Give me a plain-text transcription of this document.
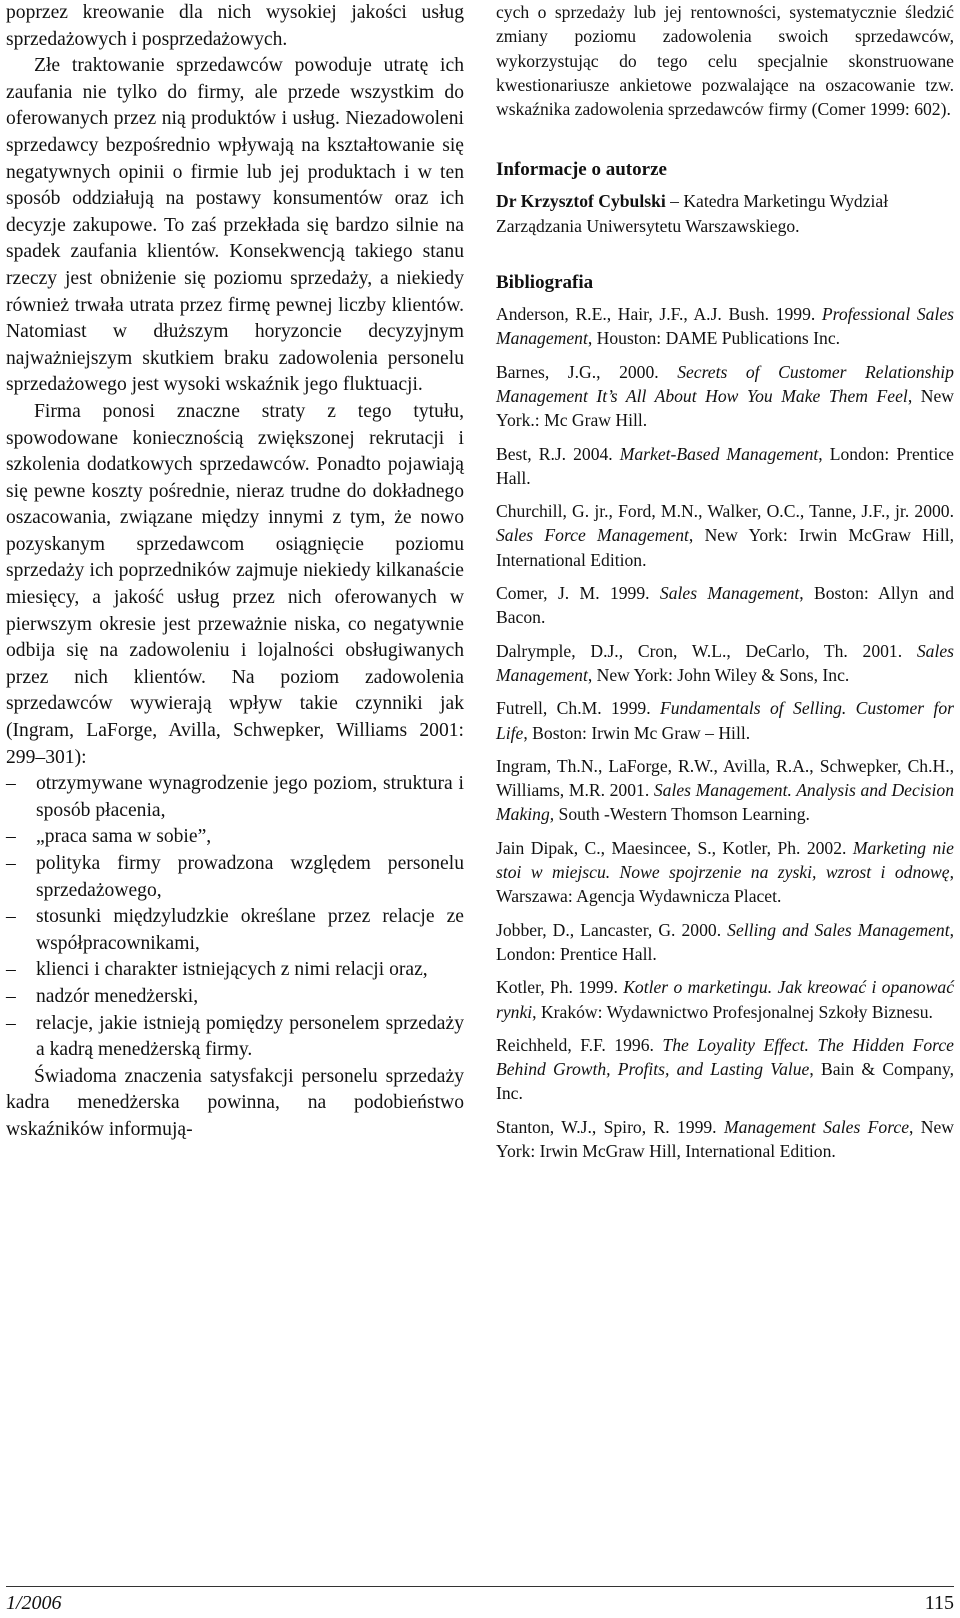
poprzez kreowanie dla nich wysokiej jakości usług sprzedażowych i posprzedażowych.

Złe traktowanie sprzedawców powoduje utratę ich zaufania nie tylko do firmy, ale przede wszystkim do oferowanych przez nią produktów i usług. Niezadowoleni sprzedawcy bezpośrednio wpływają na kształtowanie się negatywnych opinii o firmie lub jej produktach i w ten sposób oddziałują na postawy konsumentów oraz ich decyzje zakupowe. To zaś przekłada się bardzo silnie na spadek zaufania klientów. Konsekwencją takiego stanu rzeczy jest obniżenie się poziomu sprzedaży, a niekiedy również trwała utrata przez firmę pewnej liczby klientów. Natomiast w dłuższym horyzoncie decyzyjnym najważniejszym skutkiem braku zadowolenia personelu sprzedażowego jest wysoki wskaźnik jego fluktuacji.

Firma ponosi znaczne straty z tego tytułu, spowodowane koniecznością zwiększonej rekrutacji i szkolenia dodatkowych sprzedawców. Ponadto pojawiają się pewne koszty pośrednie, nieraz trudne do dokładnego oszacowania, związane między innymi z tym, że nowo pozyskanym sprzedawcom osiągnięcie poziomu sprzedaży ich poprzedników zajmuje niekiedy kilkanaście miesięcy, a jakość usług przez nich oferowanych w pierwszym okresie jest przeważnie niska, co negatywnie odbija się na zadowoleniu i lojalności obsługiwanych przez nich klientów. Na poziom zadowolenia sprzedawców wywierają wpływ takie czynniki jak (Ingram, LaForge, Avilla, Schwepker, Williams 2001: 299–301):

– otrzymywane wynagrodzenie jego poziom, struktura i sposób płacenia,
– „praca sama w sobie”,
– polityka firmy prowadzona względem personelu sprzedażowego,
– stosunki międzyludzkie określane przez relacje ze współpracownikami,
– klienci i charakter istniejących z nimi relacji oraz,
– nadzór menedżerski,
– relacje, jakie istnieją pomiędzy personelem sprzedaży a kadrą menedżerską firmy.

Świadoma znaczenia satysfakcji personelu sprzedaży kadra menedżerska powinna, na podobieństwo wskaźników informują-

cych o sprzedaży lub jej rentowności, systematycznie śledzić zmiany poziomu zadowolenia swoich sprzedawców, wykorzystując do tego celu specjalnie skonstruowane kwestionariusze ankietowe pozwalające na oszacowanie tzw. wskaźnika zadowolenia sprzedawców firmy (Comer 1999: 602).

Informacje o autorze

Dr Krzysztof Cybulski – Katedra Marketingu Wydział Zarządzania Uniwersytetu Warszawskiego.

Bibliografia
Anderson, R.E., Hair, J.F., A.J. Bush. 1999. Professional Sales Management, Houston: DAME Publications Inc.
Barnes, J.G., 2000. Secrets of Customer Relationship Management It’s All About How You Make Them Feel, New York.: Mc Graw Hill.
Best, R.J. 2004. Market-Based Management, London: Prentice Hall.
Churchill, G. jr., Ford, M.N., Walker, O.C., Tanne, J.F., jr. 2000. Sales Force Management, New York: Irwin McGraw Hill, International Edition.
Comer, J. M. 1999. Sales Management, Boston: Allyn and Bacon.
Dalrymple, D.J., Cron, W.L., DeCarlo, Th. 2001. Sales Management, New York: John Wiley & Sons, Inc.
Futrell, Ch.M. 1999. Fundamentals of Selling. Customer for Life, Boston: Irwin Mc Graw – Hill.
Ingram, Th.N., LaForge, R.W., Avilla, R.A., Schwepker, Ch.H., Williams, M.R. 2001. Sales Management. Analysis and Decision Making, South -Western Thomson Learning.
Jain Dipak, C., Maesincee, S., Kotler, Ph. 2002. Marketing nie stoi w miejscu. Nowe spojrzenie na zyski, wzrost i odnowę, Warszawa: Agencja Wydawnicza Placet.
Jobber, D., Lancaster, G. 2000. Selling and Sales Management, London: Prentice Hall.
Kotler, Ph. 1999. Kotler o marketingu. Jak kreować i opanować rynki, Kraków: Wydawnictwo Profesjonalnej Szkoły Biznesu.
Reichheld, F.F. 1996. The Loyality Effect. The Hidden Force Behind Growth, Profits, and Lasting Value, Bain & Company, Inc.
Stanton, W.J., Spiro, R. 1999. Management Sales Force, New York: Irwin McGraw Hill, International Edition.
1/2006	115
